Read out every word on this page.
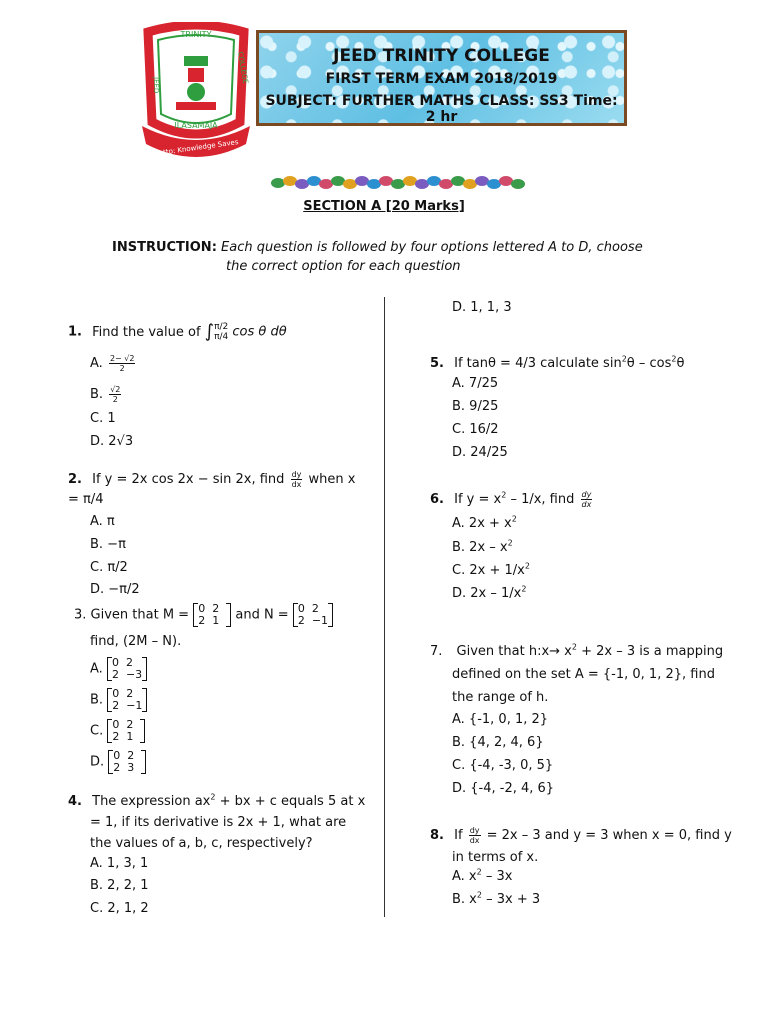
TRINITY
JEED
COLLEGE
ILASAMAJA
Motto: Knowledge Saves
JEED TRINITY COLLEGE
FIRST TERM EXAM 2018/2019
SUBJECT: FURTHER MATHS CLASS: SS3 Time: 2 hr
SECTION A [20 Marks]
INSTRUCTION: Each question is followed by four options lettered A to D, choose
the correct option for each question
1. Find the value of ∫ π/2
π/4 cos θ dθ
A. $\frac{2- √2}{2}$
B. $\frac{√2}{2}$
C. 1
D. 2√3
2. If y = 2x cos 2x − sin 2x, find $\frac{dy}{dx}$ when x
= π/4
A. π
B. −π
C. π/2
D. −π/2
3. Given that M = 0 2
2 1	and N = 0 2
2 −1
find, (2M – N).
A. 0 2
2 −3
B. 0 2
2 −1
C. 0 2
2 1
D. 0 2
2 3
4. The expression $ax^2$ + bx + c equals 5 at x
= 1, if its derivative is 2x + 1, what are
the values of a, b, c, respectively?
A. 1, 3, 1
B. 2, 2, 1
C. 2, 1, 2
D. 1, 1, 3
5. If tanθ = 4/3 calculate $\sin^2\theta - \cos^2\theta$
A. 7/25
B. 9/25
C. 16/2
D. 24/25
6. If $y = x^2 - 1/x$, find $\frac{dy}{dx}$
A. $2x + x^2$
B. $2x - x^2$
C. $2x + 1/x^2$
D. $2x - 1/x^2$
7. Given that h:x→ $x^2 + 2x - 3$ is a mapping
defined on the set A = {-1, 0, 1, 2}, find
the range of h.
A. {-1, 0, 1, 2}
B. {4, 2, 4, 6}
C. {-4, -3, 0, 5}
D. {-4, -2, 4, 6}
8. If $\frac{dy}{dx} = 2x - 3$ and y = 3 when x = 0, find y
in terms of x.
A. $x^2 - 3x$
B. $x^2 - 3x + 3$
